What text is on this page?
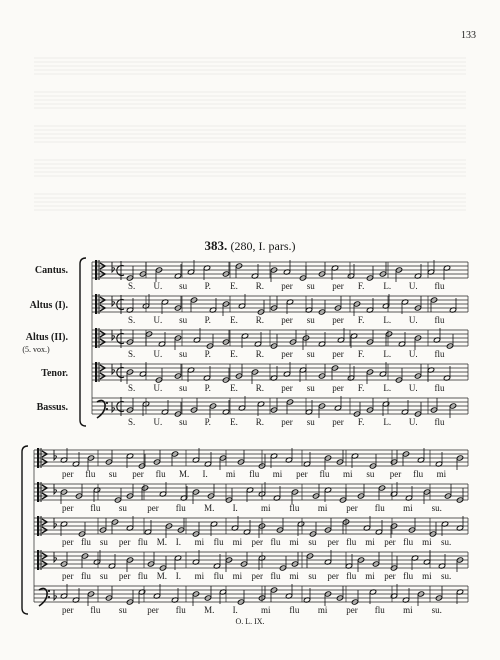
133
383. (280, I. pars.)
Cantus.
Altus (I).
Altus (II).
(5. vox.)
Tenor.
Bassus.
S. U. su P. E. R. per su per F. L. U. flu
S. U. su P. E. R. per su per F. L. U. flu
S. U. su P. E. R. per su per F. L. U. flu
S. U. su P. E. R. per su per F. L. U. flu
S. U. su P. E. R. per su per F. L. U. flu
per flu su per flu M. I. mi flu mi per flu mi su per flu mi
per flu su per flu M. I.	mi flu mi per flu mi su.
per flu su per flu M. I. mi flu mi per flu mi su per flu mi per flu mi su.
per flu su per flu M. I. mi flu mi per flu mi su per flu mi per flu mi su.
per flu su per flu M. I.	mi flu mi per flu mi su.
O. L. IX.
